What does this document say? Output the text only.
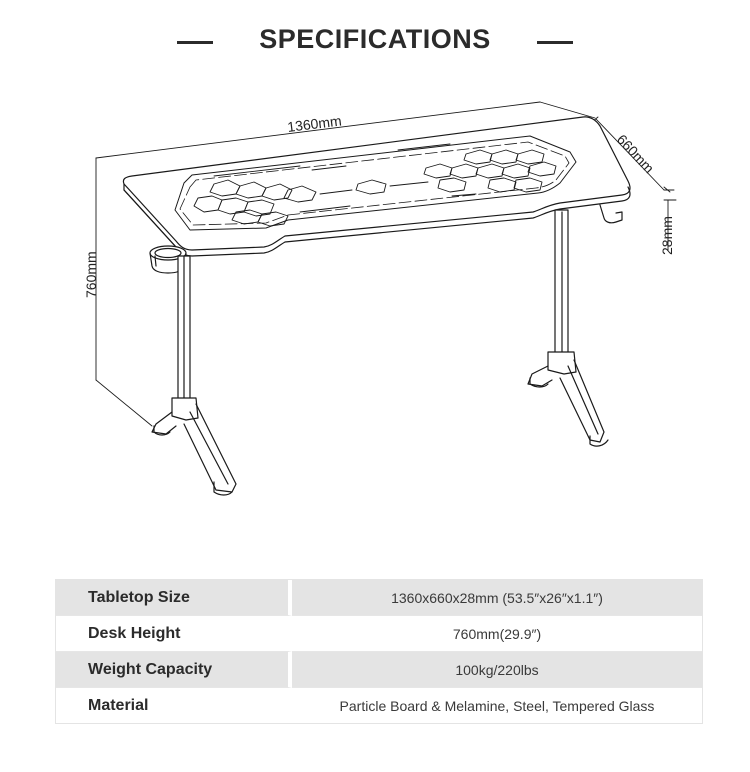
SPECIFICATIONS
1360mm
660mm
760mm
28mm
Tabletop Size	1360x660x28mm (53.5″x26″x1.1″)
Desk Height	760mm(29.9″)
Weight Capacity	100kg/220lbs
Material	Particle Board & Melamine, Steel, Tempered Glass
